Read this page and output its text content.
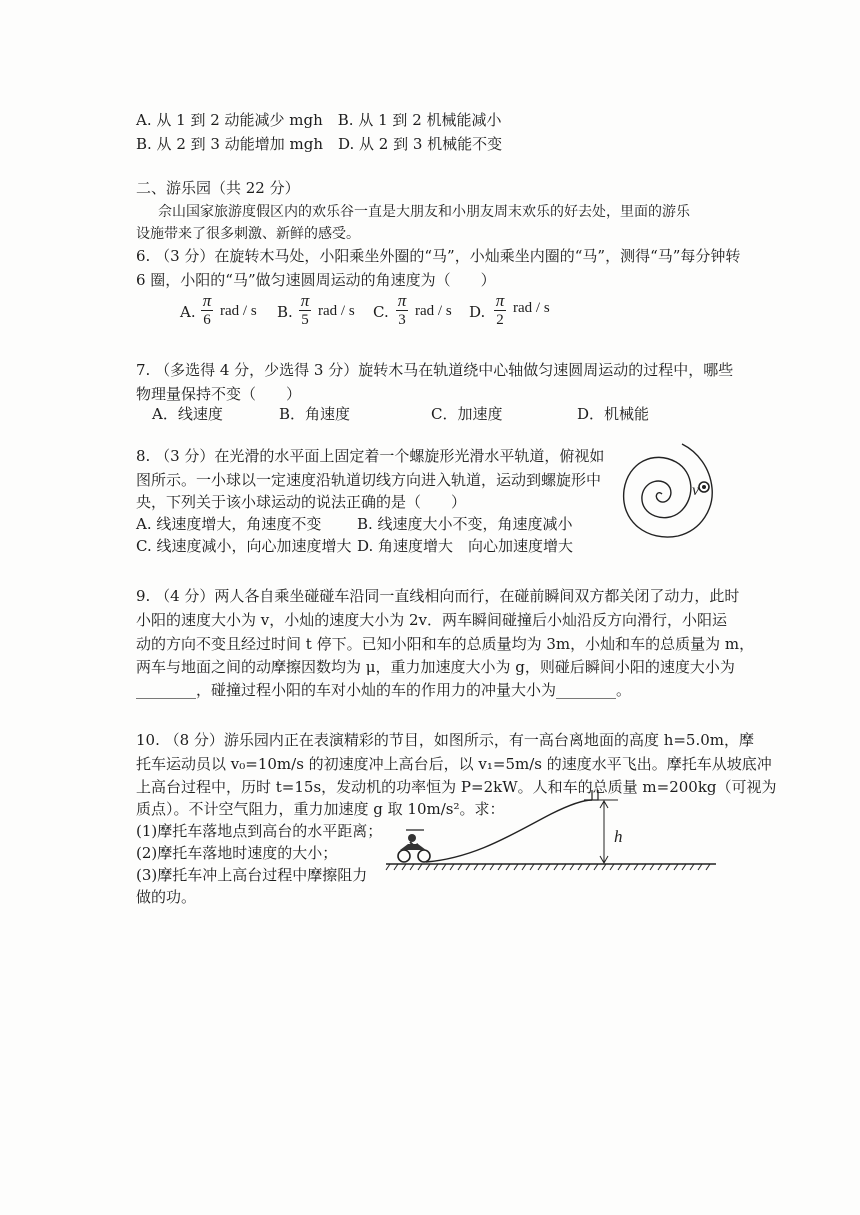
A. 从 1 到 2 动能减少 mgh　B. 从 1 到 2 机械能减小
B. 从 2 到 3 动能增加 mgh　D. 从 2 到 3 机械能不变
二、游乐园（共 22 分）
佘山国家旅游度假区内的欢乐谷一直是大朋友和小朋友周末欢乐的好去处，里面的游乐
设施带来了很多刺激、新鲜的感受。
6. （3 分）在旋转木马处，小阳乘坐外圈的“马”，小灿乘坐内圈的“马”，测得“马”每分钟转
6 圈，小阳的“马”做匀速圆周运动的角速度为（　　）
A.
π
6
rad / s B.
π
5
rad / s C.
π
3
rad / s D.
π
2
rad / s
7. （多选得 4 分，少选得 3 分）旋转木马在轨道绕中心轴做匀速圆周运动的过程中，哪些
物理量保持不变（　　）
A．线速度	B．角速度	C．加速度	D．机械能
8. （3 分）在光滑的水平面上固定着一个螺旋形光滑水平轨道，俯视如
图所示。一小球以一定速度沿轨道切线方向进入轨道，运动到螺旋形中
央，下列关于该小球运动的说法正确的是（　　）
A. 线速度增大，角速度不变 B. 线速度大小不变，角速度减小
C. 线速度减小，向心加速度增大 D. 角速度增大　向心加速度增大
v
9. （4 分）两人各自乘坐碰碰车沿同一直线相向而行，在碰前瞬间双方都关闭了动力，此时
小阳的速度大小为 v，小灿的速度大小为 2v．两车瞬间碰撞后小灿沿反方向滑行，小阳运
动的方向不变且经过时间 t 停下。已知小阳和车的总质量均为 3m，小灿和车的总质量为 m，
两车与地面之间的动摩擦因数均为 μ，重力加速度大小为 g，则碰后瞬间小阳的速度大小为
________，碰撞过程小阳的车对小灿的车的作用力的冲量大小为________。
10. （8 分）游乐园内正在表演精彩的节目，如图所示，有一高台离地面的高度 h=5.0m，摩
托车运动员以 v₀=10m/s 的初速度冲上高台后，以 v₁=5m/s 的速度水平飞出。摩托车从坡底冲
上高台过程中，历时 t=15s，发动机的功率恒为 P=2kW。人和车的总质量 m=200kg（可视为
质点）。不计空气阻力，重力加速度 g 取 10m/s²。求：
(1)摩托车落地点到高台的水平距离；
(2)摩托车落地时速度的大小；
(3)摩托车冲上高台过程中摩擦阻力
做的功。
h
